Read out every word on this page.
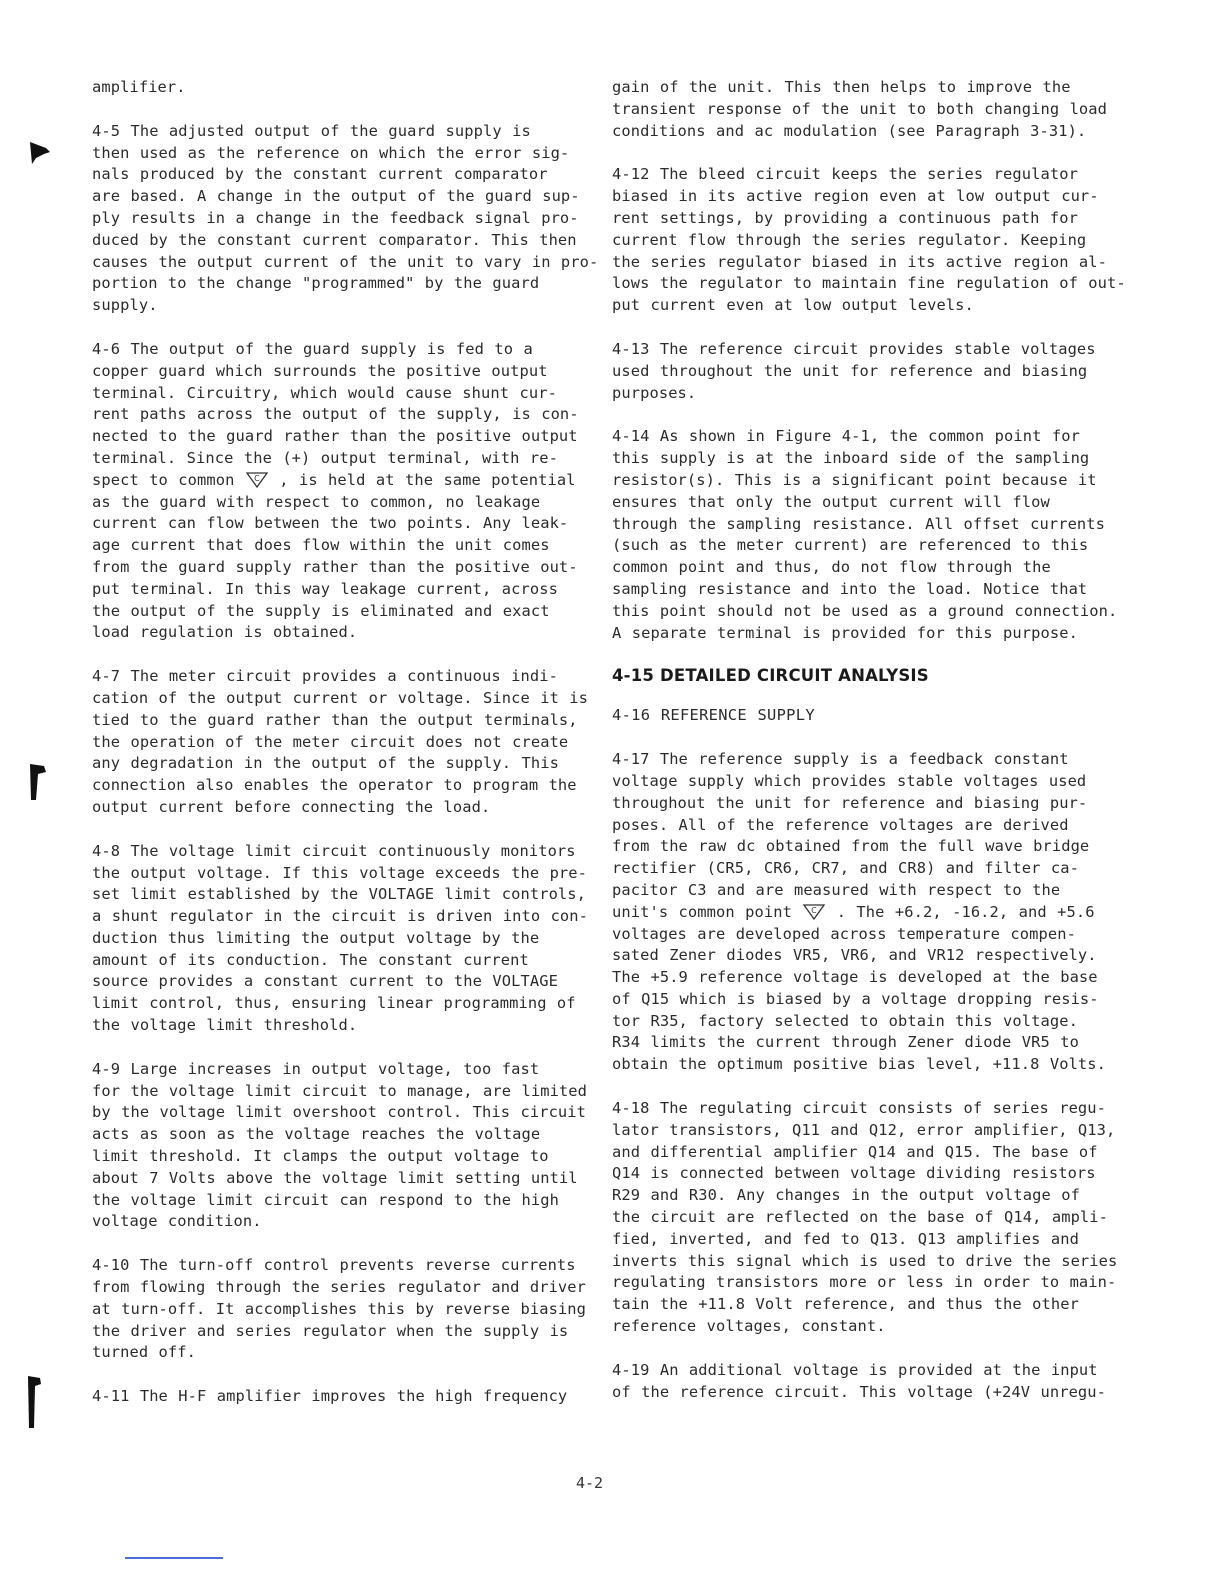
amplifier.
4-5 The adjusted output of the guard supply is
then used as the reference on which the error sig-
nals produced by the constant current comparator
are based. A change in the output of the guard sup-
ply results in a change in the feedback signal pro-
duced by the constant current comparator. This then
causes the output current of the unit to vary in pro-
portion to the change "programmed" by the guard
supply.
4-6 The output of the guard supply is fed to a
copper guard which surrounds the positive output
terminal. Circuitry, which would cause shunt cur-
rent paths across the output of the supply, is con-
nected to the guard rather than the positive output
terminal. Since the (+) output terminal, with re-
spect to common C , is held at the same potential
as the guard with respect to common, no leakage
current can flow between the two points. Any leak-
age current that does flow within the unit comes
from the guard supply rather than the positive out-
put terminal. In this way leakage current, across
the output of the supply is eliminated and exact
load regulation is obtained.
4-7 The meter circuit provides a continuous indi-
cation of the output current or voltage. Since it is
tied to the guard rather than the output terminals,
the operation of the meter circuit does not create
any degradation in the output of the supply. This
connection also enables the operator to program the
output current before connecting the load.
4-8 The voltage limit circuit continuously monitors
the output voltage. If this voltage exceeds the pre-
set limit established by the VOLTAGE limit controls,
a shunt regulator in the circuit is driven into con-
duction thus limiting the output voltage by the
amount of its conduction. The constant current
source provides a constant current to the VOLTAGE
limit control, thus, ensuring linear programming of
the voltage limit threshold.
4-9 Large increases in output voltage, too fast
for the voltage limit circuit to manage, are limited
by the voltage limit overshoot control. This circuit
acts as soon as the voltage reaches the voltage
limit threshold. It clamps the output voltage to
about 7 Volts above the voltage limit setting until
the voltage limit circuit can respond to the high
voltage condition.
4-10 The turn-off control prevents reverse currents
from flowing through the series regulator and driver
at turn-off. It accomplishes this by reverse biasing
the driver and series regulator when the supply is
turned off.
4-11 The H-F amplifier improves the high frequency
gain of the unit. This then helps to improve the
transient response of the unit to both changing load
conditions and ac modulation (see Paragraph 3-31).
4-12 The bleed circuit keeps the series regulator
biased in its active region even at low output cur-
rent settings, by providing a continuous path for
current flow through the series regulator. Keeping
the series regulator biased in its active region al-
lows the regulator to maintain fine regulation of out-
put current even at low output levels.
4-13 The reference circuit provides stable voltages
used throughout the unit for reference and biasing
purposes.
4-14 As shown in Figure 4-1, the common point for
this supply is at the inboard side of the sampling
resistor(s). This is a significant point because it
ensures that only the output current will flow
through the sampling resistance. All offset currents
(such as the meter current) are referenced to this
common point and thus, do not flow through the
sampling resistance and into the load. Notice that
this point should not be used as a ground connection.
A separate terminal is provided for this purpose.
4-15 DETAILED CIRCUIT ANALYSIS
4-16 REFERENCE SUPPLY
4-17 The reference supply is a feedback constant
voltage supply which provides stable voltages used
throughout the unit for reference and biasing pur-
poses. All of the reference voltages are derived
from the raw dc obtained from the full wave bridge
rectifier (CR5, CR6, CR7, and CR8) and filter ca-
pacitor C3 and are measured with respect to the
unit's common point C . The +6.2, -16.2, and +5.6
voltages are developed across temperature compen-
sated Zener diodes VR5, VR6, and VR12 respectively.
The +5.9 reference voltage is developed at the base
of Q15 which is biased by a voltage dropping resis-
tor R35, factory selected to obtain this voltage.
R34 limits the current through Zener diode VR5 to
obtain the optimum positive bias level, +11.8 Volts.
4-18 The regulating circuit consists of series regu-
lator transistors, Q11 and Q12, error amplifier, Q13,
and differential amplifier Q14 and Q15. The base of
Q14 is connected between voltage dividing resistors
R29 and R30. Any changes in the output voltage of
the circuit are reflected on the base of Q14, ampli-
fied, inverted, and fed to Q13. Q13 amplifies and
inverts this signal which is used to drive the series
regulating transistors more or less in order to main-
tain the +11.8 Volt reference, and thus the other
reference voltages, constant.
4-19 An additional voltage is provided at the input
of the reference circuit. This voltage (+24V unregu-
4-2
